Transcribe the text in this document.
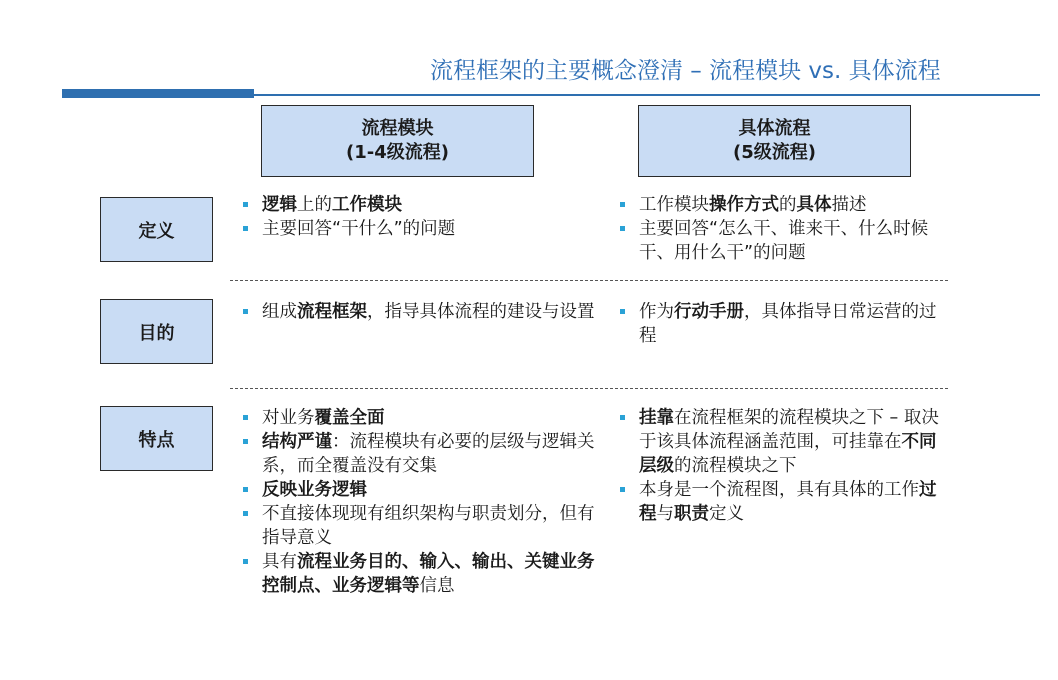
流程框架的主要概念澄清 – 流程模块 vs. 具体流程
流程模块
(1-4级流程)
具体流程
(5级流程)
定义
逻辑上的工作模块
主要回答“干什么”的问题
工作模块操作方式的具体描述
主要回答“怎么干、谁来干、什么时候干、用什么干”的问题
目的
组成流程框架，指导具体流程的建设与设置	作为行动手册，具体指导日常运营的过程
特点
对业务覆盖全面
结构严谨：流程模块有必要的层级与逻辑关系，而全覆盖没有交集
反映业务逻辑
不直接体现现有组织架构与职责划分，但有指导意义
具有流程业务目的、输入、输出、关键业务控制点、业务逻辑等信息
挂靠在流程框架的流程模块之下 – 取决于该具体流程涵盖范围，可挂靠在不同层级的流程模块之下
本身是一个流程图，具有具体的工作过程与职责定义
